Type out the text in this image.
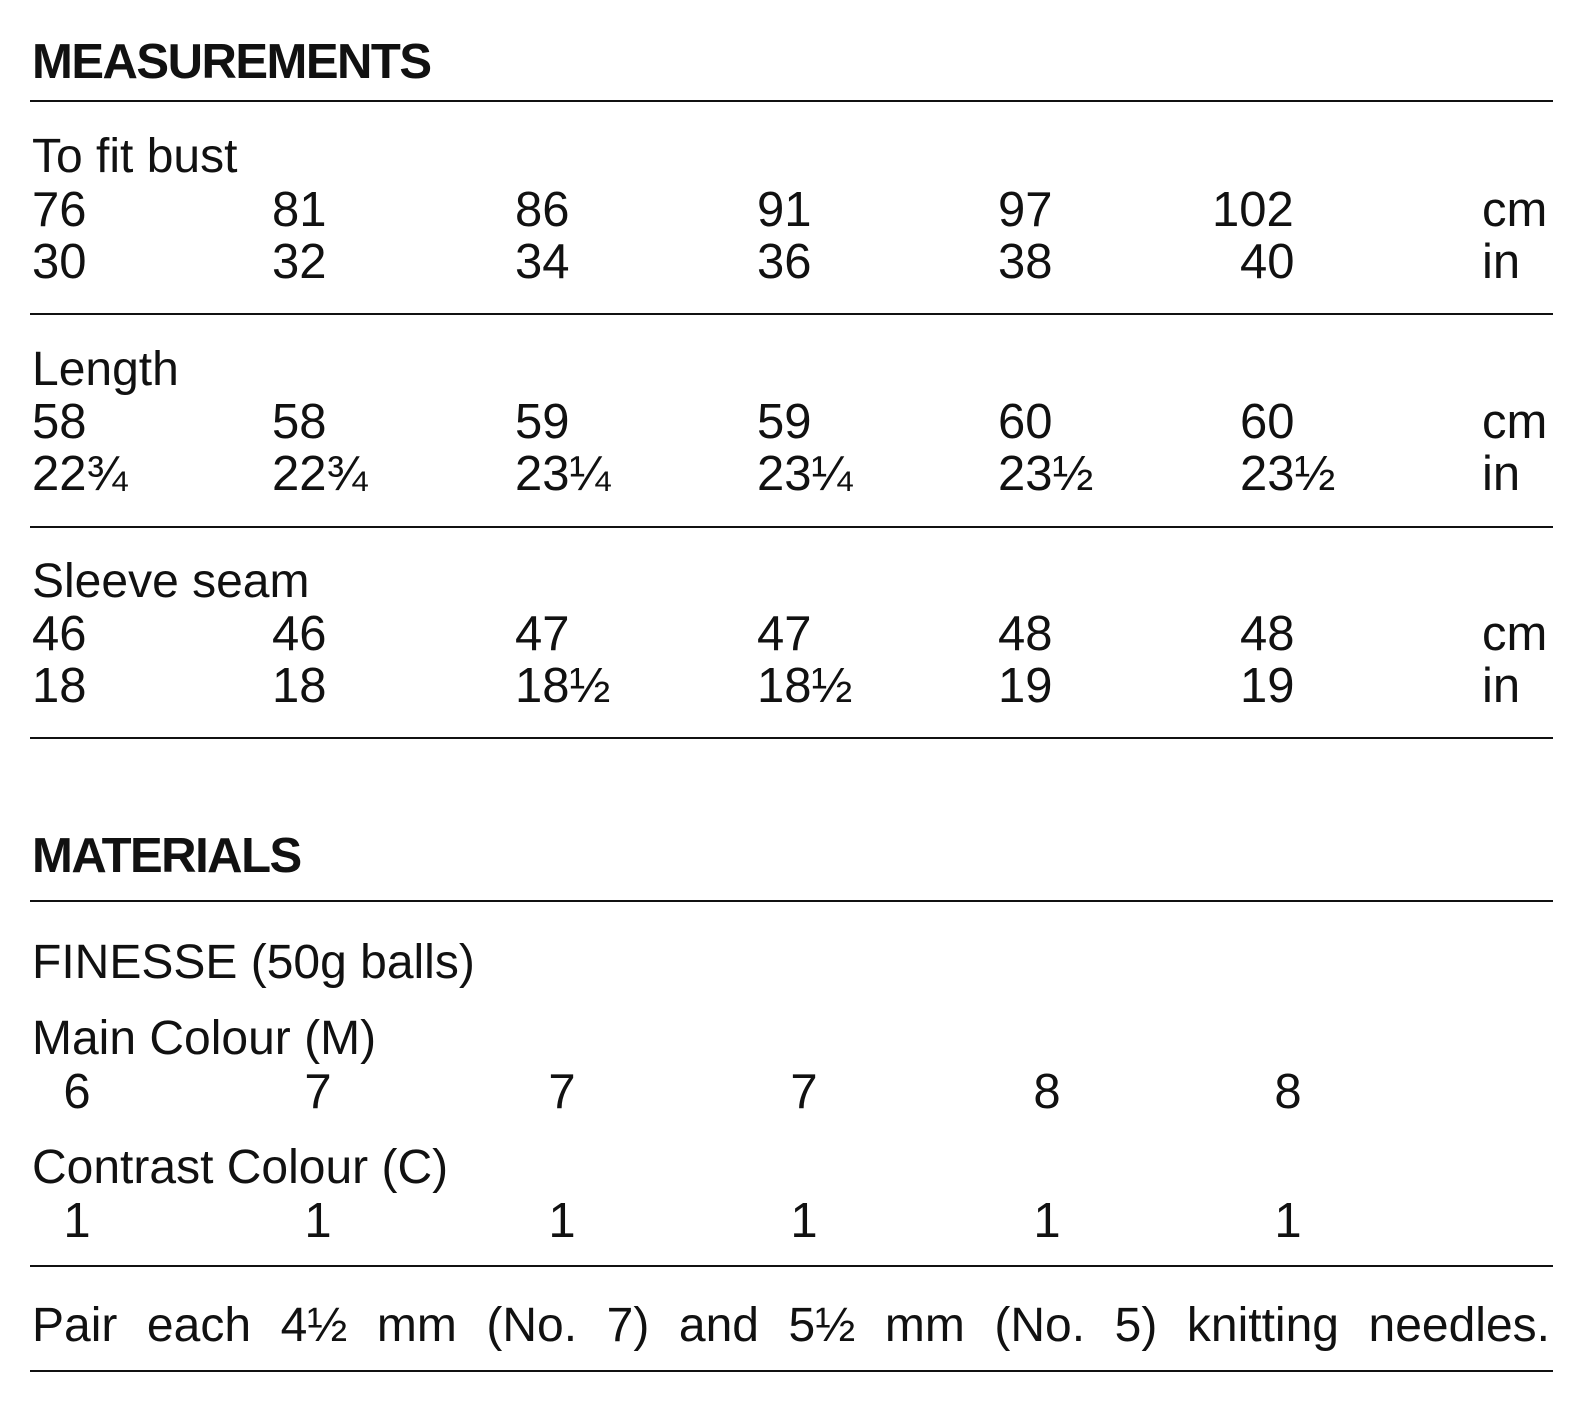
MEASUREMENTS
To fit bust
76	81	86	91	97	102	cm
30	32	34	36	38	40	in
Length
58	58	59	59	60	60	cm
22¾	22¾	23¼	23¼	23½	23½	in
Sleeve seam
46	46	47	47	48	48	cm
18	18	18½	18½	19	19	in
MATERIALS
FINESSE (50g balls)
Main Colour (M)
6	7	7	7	8	8
Contrast Colour (C)
1	1	1	1	1	1
Pair each 4½ mm (No. 7) and 5½ mm (No. 5) knitting needles.
